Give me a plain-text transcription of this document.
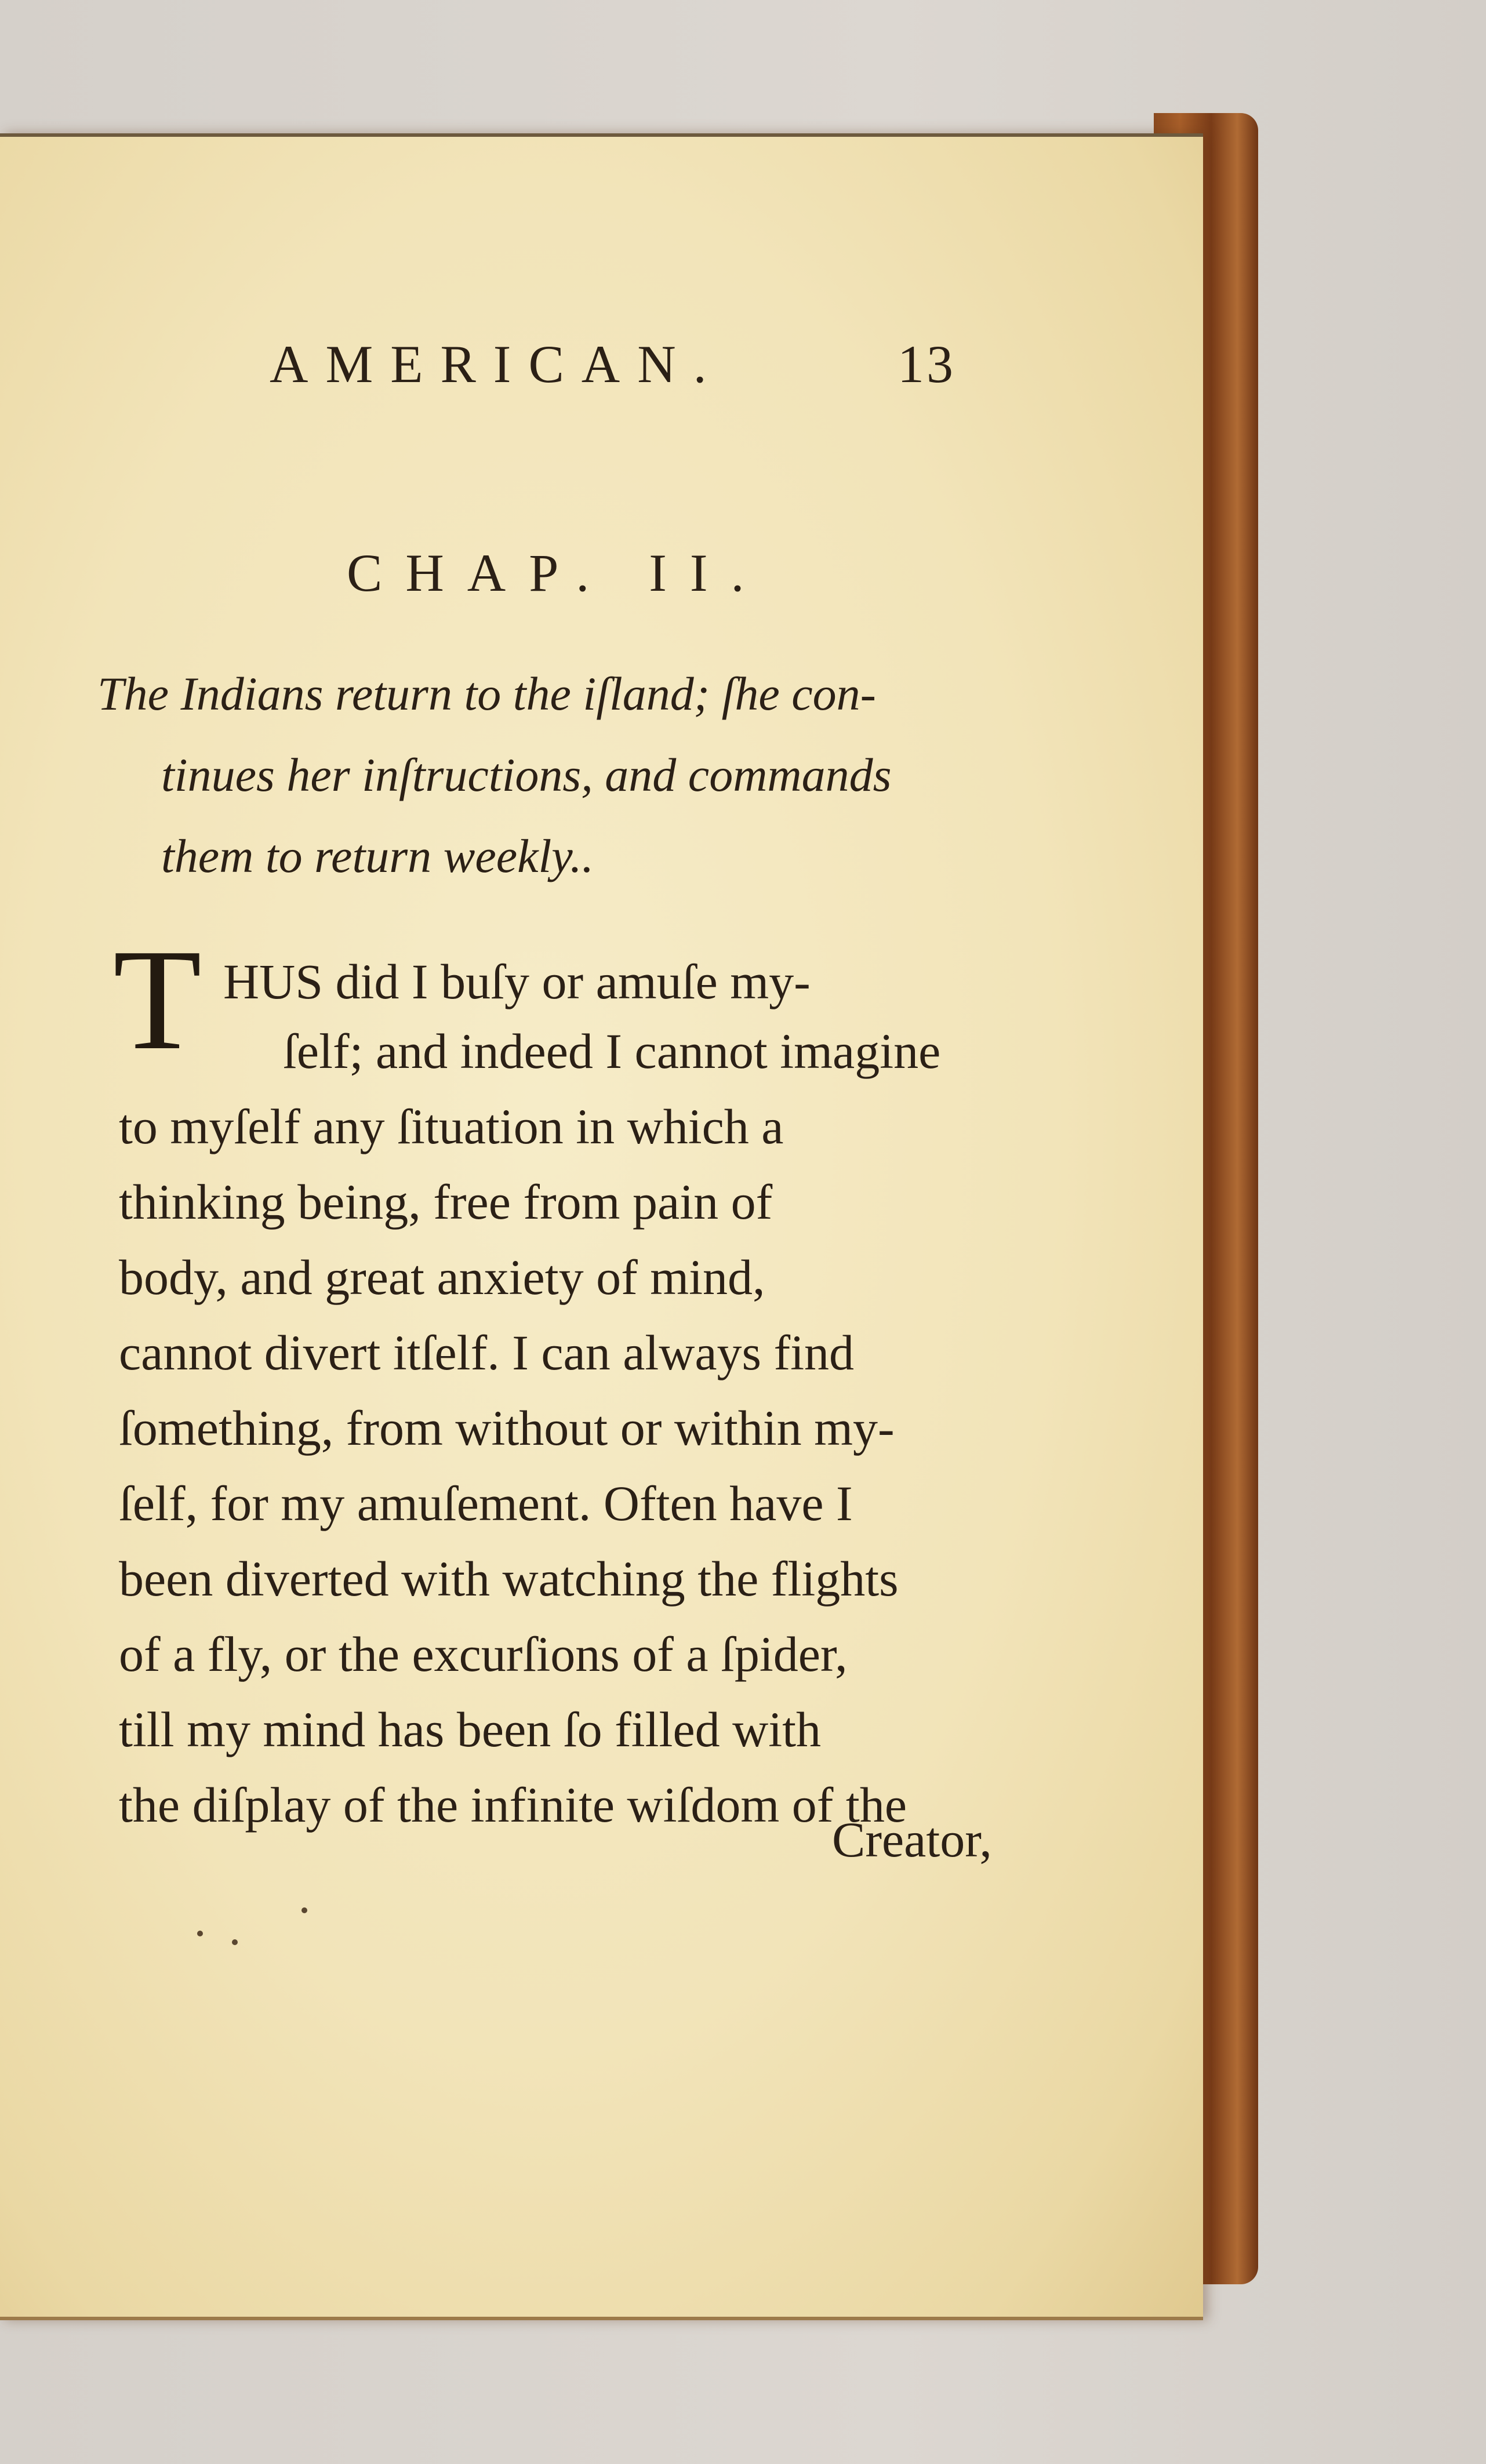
AMERICAN.	13
CHAP. II.
The Indians return to the iſland; ſhe con-
tinues her inſtructions, and commands
them to return weekly..
T HUS did I buſy or amuſe my-
ſelf; and indeed I cannot imagine
to myſelf any ſituation in which a
thinking being, free from pain of
body, and great anxiety of mind,
cannot divert itſelf. I can always find
ſomething, from without or within my-
ſelf, for my amuſement. Often have I
been diverted with watching the flights
of a fly, or the excurſions of a ſpider,
till my mind has been ſo filled with
the diſplay of the infinite wiſdom of the
Creator,
